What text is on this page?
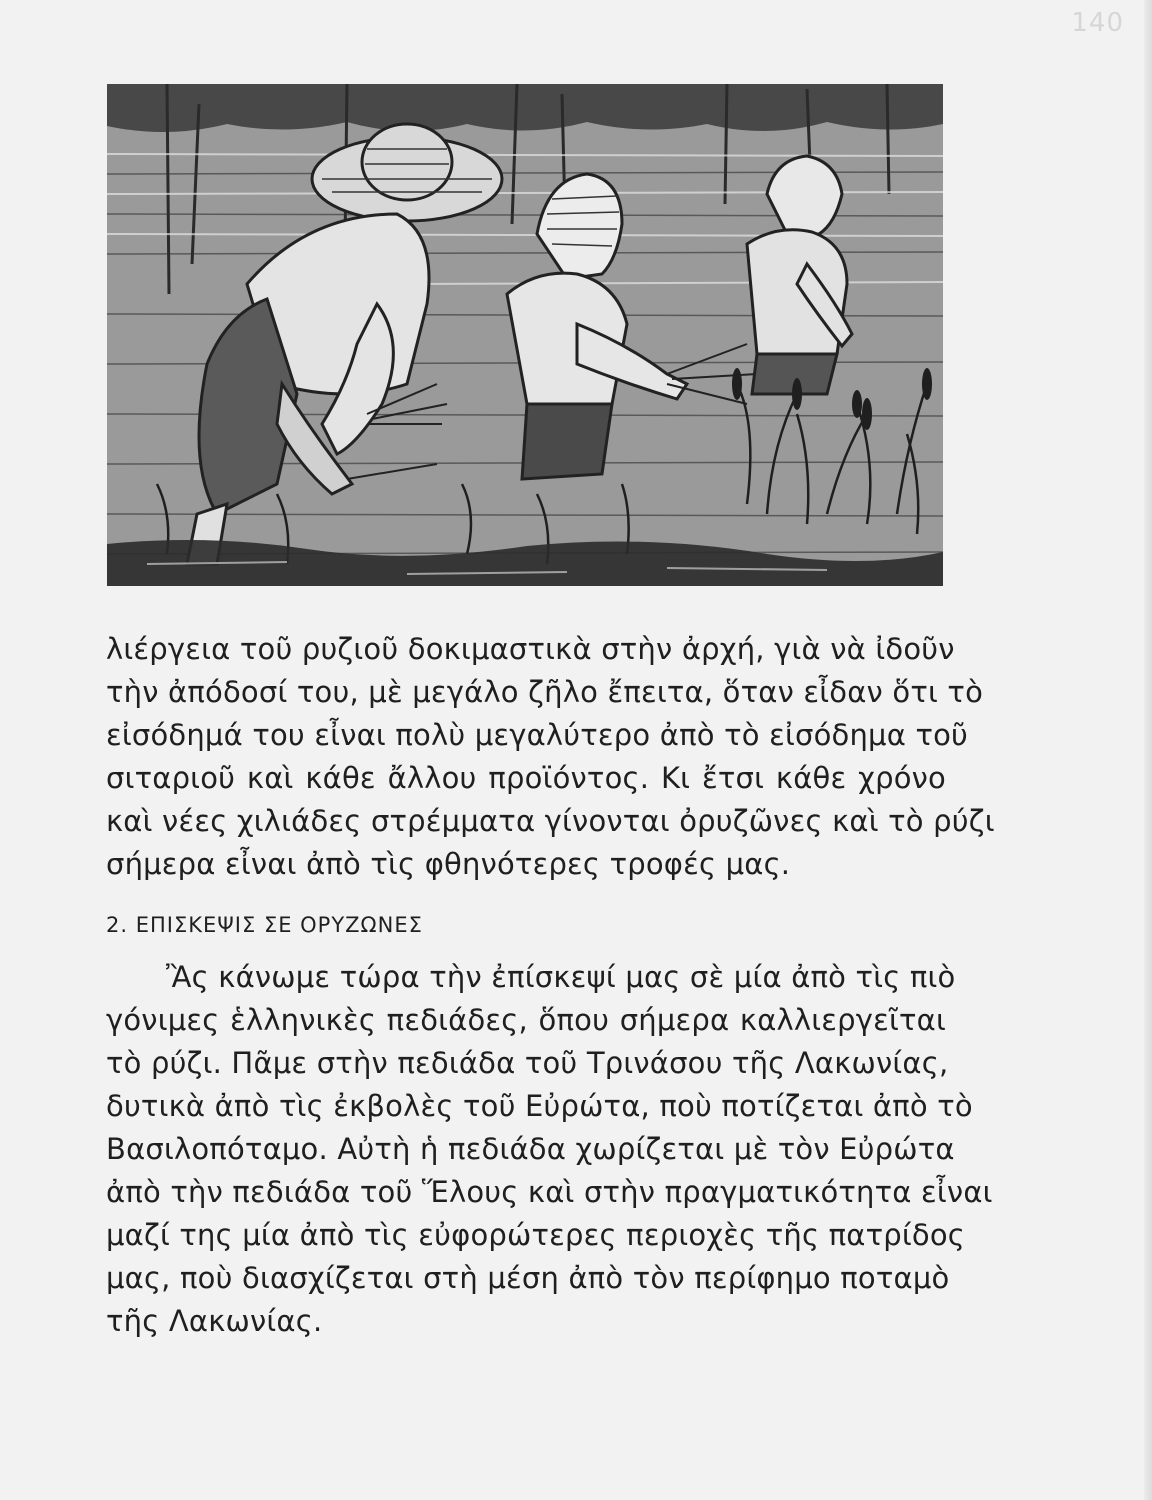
140
λιέργεια τοῦ ρυζιοῦ δοκιμαστικὰ στὴν ἀρχή, γιὰ νὰ ἰδοῦν
τὴν ἀπόδοσί του, μὲ μεγάλο ζῆλο ἔπειτα, ὅταν εἶδαν ὅτι τὸ
εἰσόδημά του εἶναι πολὺ μεγαλύτερο ἀπὸ τὸ εἰσόδημα τοῦ
σιταριοῦ καὶ κάθε ἄλλου προϊόντος. Κι ἔτσι κάθε χρόνο
καὶ νέες χιλιάδες στρέμματα γίνονται ὀρυζῶνες καὶ τὸ ρύζι
σήμερα εἶναι ἀπὸ τὶς φθηνότερες τροφές μας.
2. ΕΠΙΣΚΕΨΙΣ ΣΕ ΟΡΥΖΩΝΕΣ
Ἂς κάνωμε τώρα τὴν ἐπίσκεψί μας σὲ μία ἀπὸ τὶς πιὸ
γόνιμες ἑλληνικὲς πεδιάδες, ὅπου σήμερα καλλιεργεῖται
τὸ ρύζι. Πᾶμε στὴν πεδιάδα τοῦ Τρινάσου τῆς Λακωνίας,
δυτικὰ ἀπὸ τὶς ἐκβολὲς τοῦ Εὐρώτα, ποὺ ποτίζεται ἀπὸ τὸ
Βασιλοπόταμο. Αὐτὴ ἡ πεδιάδα χωρίζεται μὲ τὸν Εὐρώτα
ἀπὸ τὴν πεδιάδα τοῦ Ἕλους καὶ στὴν πραγματικότητα εἶναι
μαζί της μία ἀπὸ τὶς εὐφορώτερες περιοχὲς τῆς πατρίδος
μας, ποὺ διασχίζεται στὴ μέση ἀπὸ τὸν περίφημο ποταμὸ
τῆς Λακωνίας.
